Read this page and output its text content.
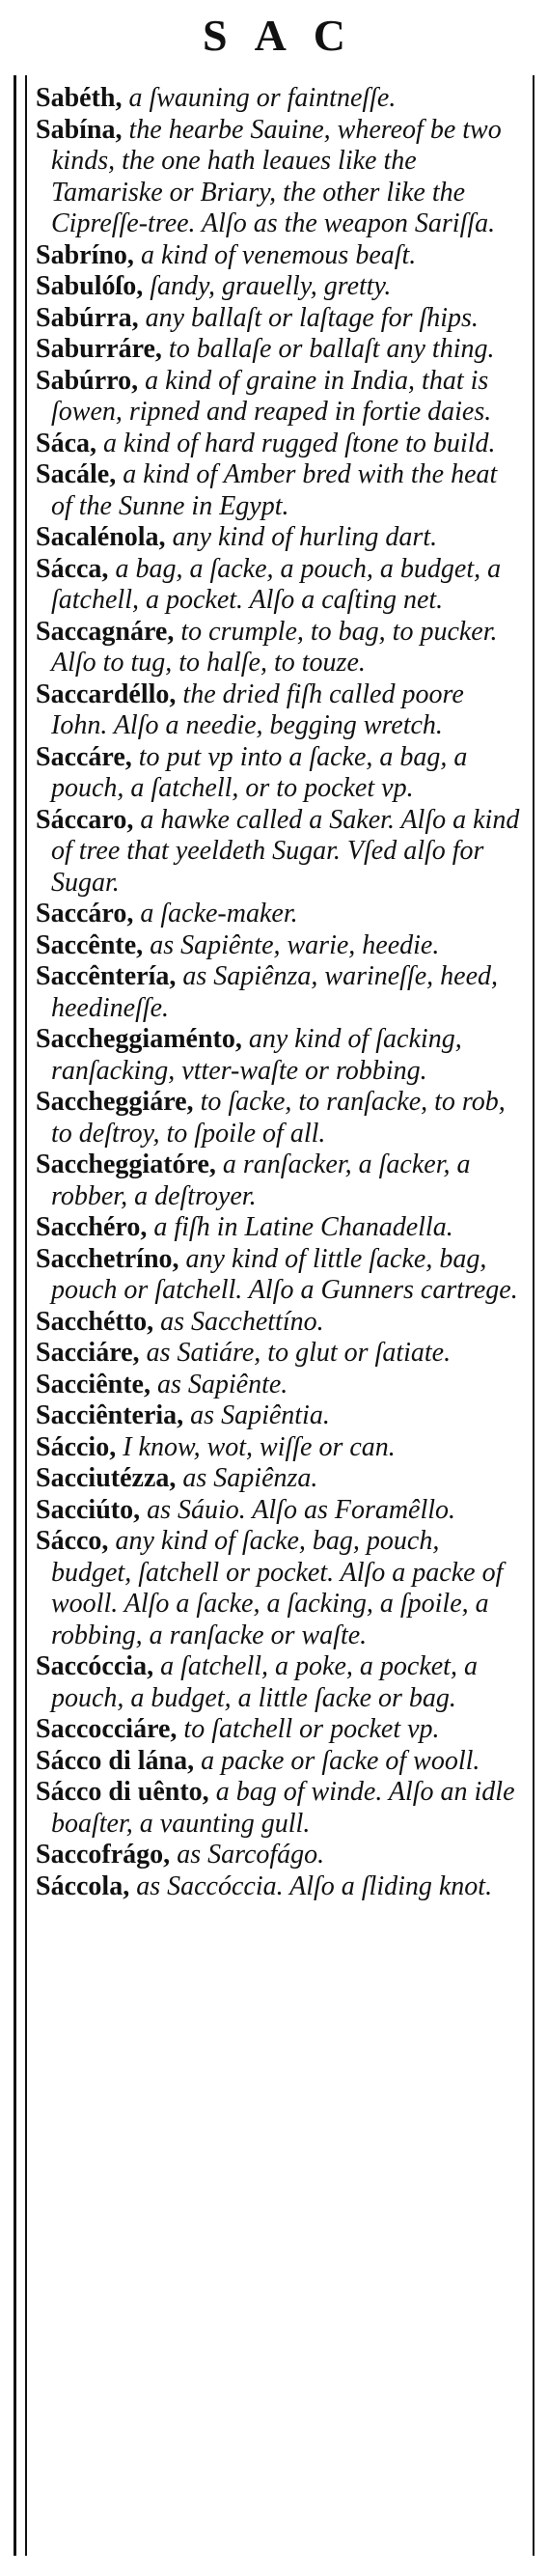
SAC

Sabéth, a ſwauning or faintneſſe.

Sabína, the hearbe Sauine, whereof be two kinds, the one hath leaues like the Tamariske or Briary, the other like the Cipreſſe-tree. Alſo as the weapon Sariſſa.

Sabríno, a kind of venemous beaſt.

Sabulóſo, ſandy, grauelly, gretty.

Sabúrra, any ballaſt or laſtage for ſhips.

Saburráre, to ballaſe or ballaſt any thing.

Sabúrro, a kind of graine in India, that is ſowen, ripned and reaped in fortie daies.

Sáca, a kind of hard rugged ſtone to build.

Sacále, a kind of Amber bred with the heat of the Sunne in Egypt.

Sacalénola, any kind of hurling dart.

Sácca, a bag, a ſacke, a pouch, a budget, a ſatchell, a pocket. Alſo a caſting net.

Saccagnáre, to crumple, to bag, to pucker. Alſo to tug, to halſe, to touze.

Saccardéllo, the dried fiſh called poore Iohn. Alſo a needie, begging wretch.

Saccáre, to put vp into a ſacke, a bag, a pouch, a ſatchell, or to pocket vp.

Sáccaro, a hawke called a Saker. Alſo a kind of tree that yeeldeth Sugar. Vſed alſo for Sugar.

Saccáro, a ſacke-maker.

Saccênte, as Sapiênte, warie, heedie.

Saccêntería, as Sapiênza, warineſſe, heed, heedineſſe.

Saccheggiaménto, any kind of ſacking, ranſacking, vtter-waſte or robbing.

Saccheggiáre, to ſacke, to ranſacke, to rob, to deſtroy, to ſpoile of all.

Saccheggiatóre, a ranſacker, a ſacker, a robber, a deſtroyer.

Sacchéro, a fiſh in Latine Chanadella.

Sacchetríno, any kind of little ſacke, bag, pouch or ſatchell. Alſo a Gunners cartrege.

Sacchétto, as Sacchettíno.

Sacciáre, as Satiáre, to glut or ſatiate.

Sacciênte, as Sapiênte.

Sacciênteria, as Sapiêntia.

Sáccio, I know, wot, wiſſe or can.

Sacciutézza, as Sapiênza.

Sacciúto, as Sáuio. Alſo as Foramêllo.

Sácco, any kind of ſacke, bag, pouch, budget, ſatchell or pocket. Alſo a packe of wooll. Alſo a ſacke, a ſacking, a ſpoile, a robbing, a ranſacke or waſte.

Saccóccia, a ſatchell, a poke, a pocket, a pouch, a budget, a little ſacke or bag.

Saccocciáre, to ſatchell or pocket vp.

Sácco di lána, a packe or ſacke of wooll.

Sácco di uênto, a bag of winde. Alſo an idle boaſter, a vaunting gull.

Saccofrágo, as Sarcofágo.

Sáccola, as Saccóccia. Alſo a ſliding knot.
